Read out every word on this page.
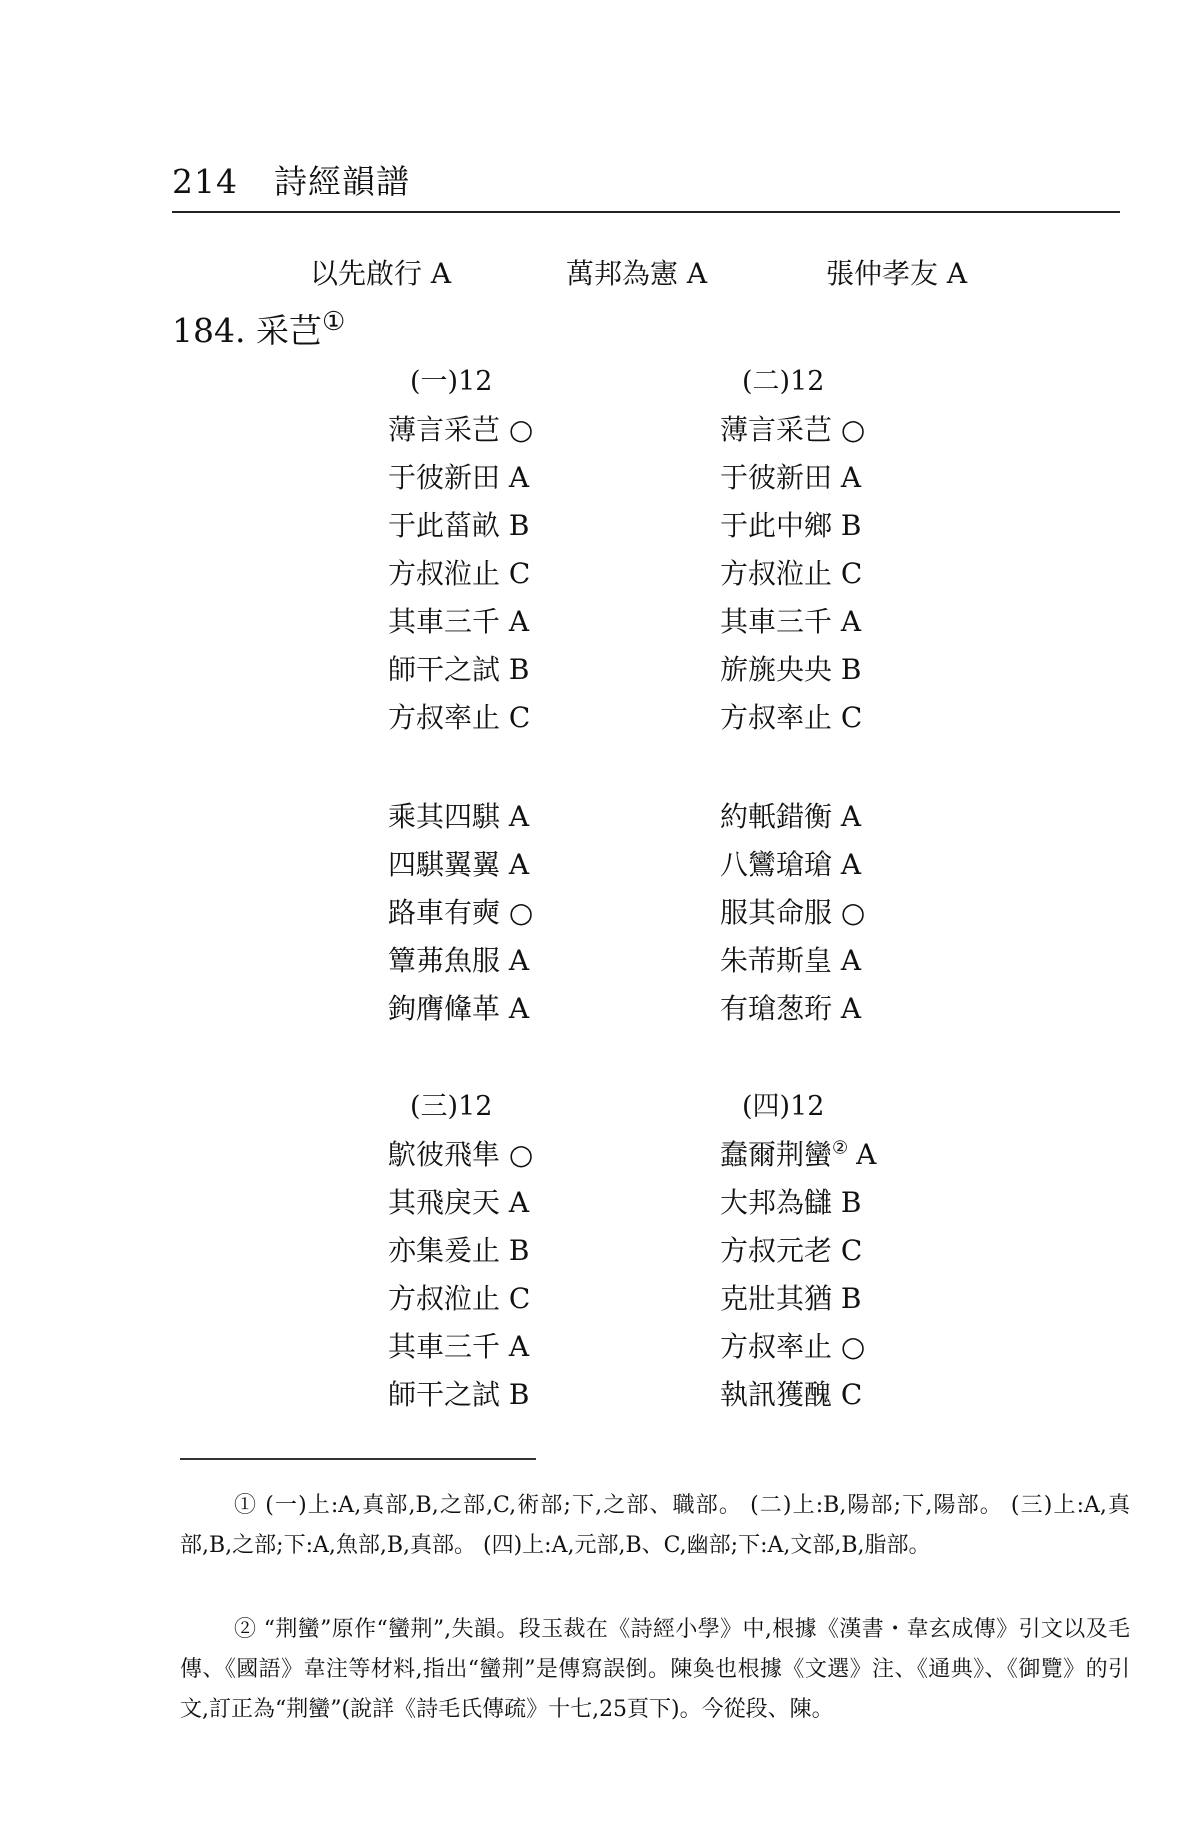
214 詩經韻譜
以先啟行 A	萬邦為憲 A	張仲孝友 A
184. 采芑①
(一)12
薄言采芑 ○
于彼新田 A
于此菑畝 B
方叔涖止 C
其車三千 A
師干之試 B
方叔率止 C
(二)12
薄言采芑 ○
于彼新田 A
于此中鄉 B
方叔涖止 C
其車三千 A
旂旐央央 B
方叔率止 C
乘其四騏 A
四騏翼翼 A
路車有奭 ○
簟茀魚服 A
鉤膺鞗革 A
約軝錯衡 A
八鸞瑲瑲 A
服其命服 ○
朱芾斯皇 A
有瑲葱珩 A
(三)12
鴥彼飛隼 ○
其飛戾天 A
亦集爰止 B
方叔涖止 C
其車三千 A
師干之試 B
(四)12
蠢爾荆蠻② A
大邦為讎 B
方叔元老 C
克壯其猶 B
方叔率止 ○
執訊獲醜 C

① (一)上:A,真部,B,之部,C,術部;下,之部、職部。 (二)上:B,陽部;下,陽部。 (三)上:A,真部,B,之部;下:A,魚部,B,真部。 (四)上:A,元部,B、C,幽部;下:A,文部,B,脂部。

② “荆蠻”原作“蠻荆”,失韻。段玉裁在《詩經小學》中,根據《漢書・韋玄成傳》引文以及毛傳、《國語》韋注等材料,指出“蠻荆”是傳寫誤倒。陳奐也根據《文選》注、《通典》、《御覽》的引文,訂正為“荆蠻”(說詳《詩毛氏傳疏》十七,25頁下)。今從段、陳。
